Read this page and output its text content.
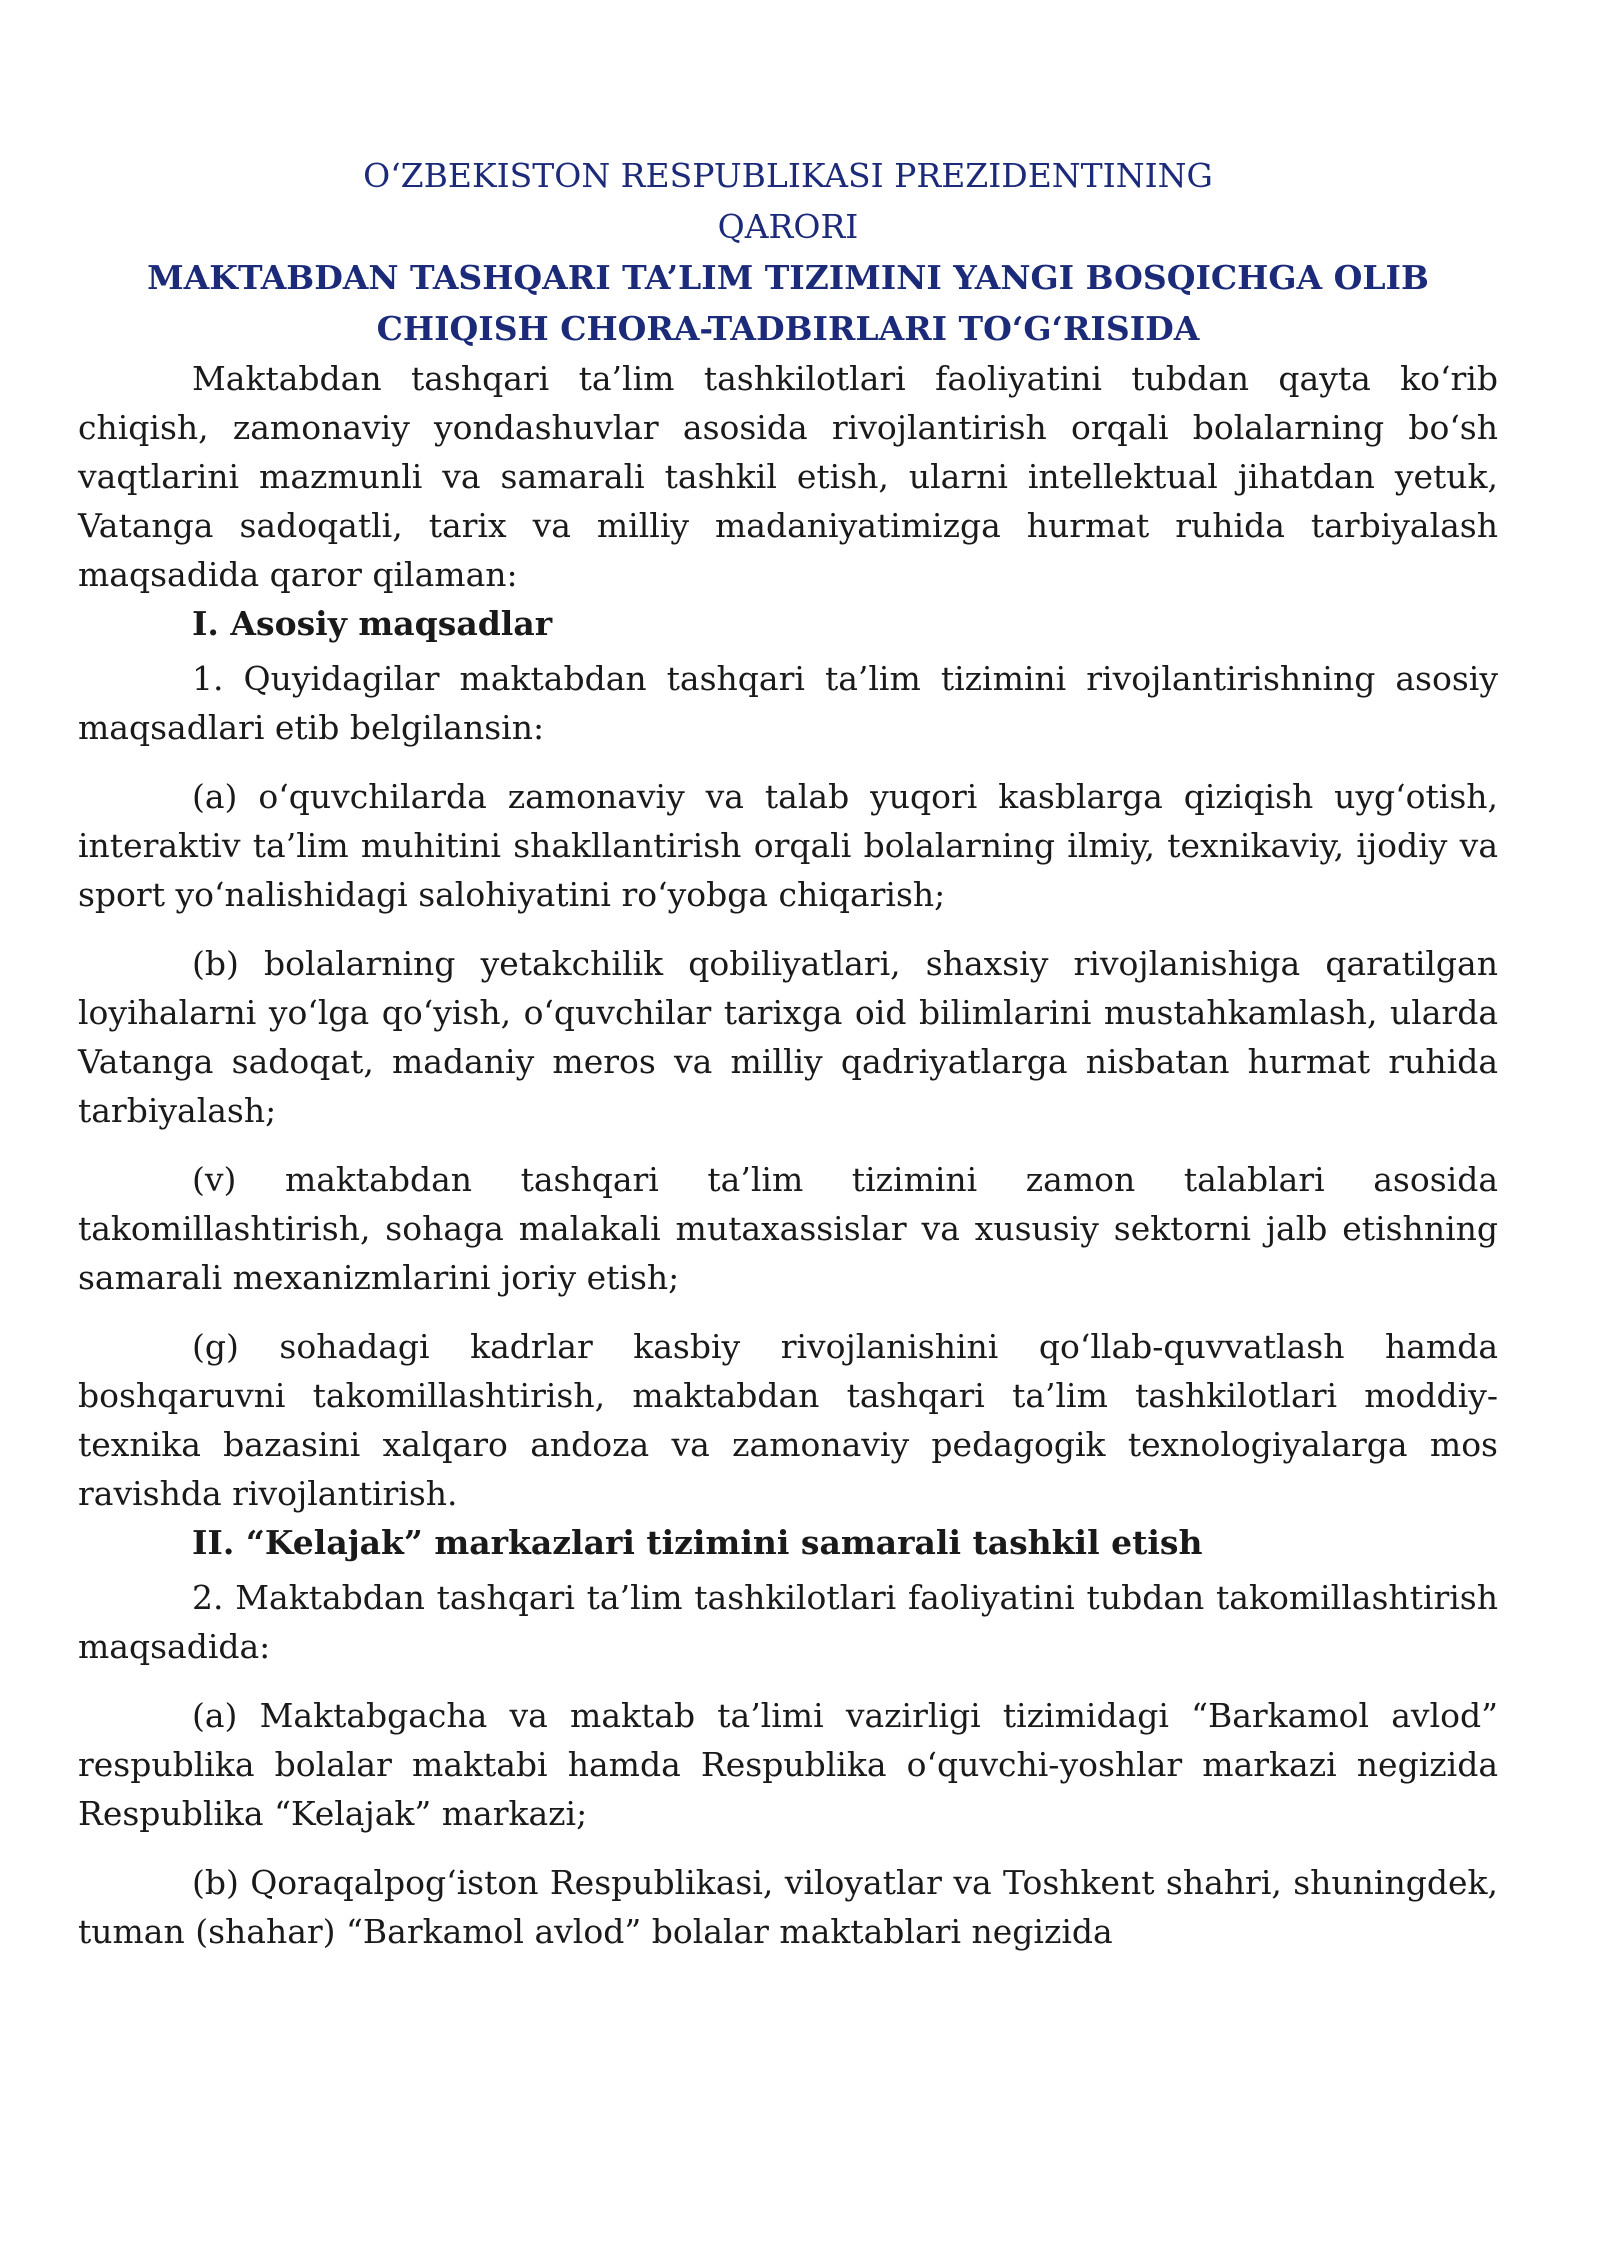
O‘ZBEKISTON RESPUBLIKASI PREZIDENTINING
QARORI
MAKTABDAN TASHQARI TA’LIM TIZIMINI YANGI BOSQICHGA OLIB
CHIQISH CHORA-TADBIRLARI TO‘G‘RISIDA

Maktabdan tashqari ta’lim tashkilotlari faoliyatini tubdan qayta ko‘rib chiqish, zamonaviy yondashuvlar asosida rivojlantirish orqali bolalarning bo‘sh vaqtlarini mazmunli va samarali tashkil etish, ularni intellektual jihatdan yetuk, Vatanga sadoqatli, tarix va milliy madaniyatimizga hurmat ruhida tarbiyalash maqsadida qaror qilaman:

I. Asosiy maqsadlar

1. Quyidagilar maktabdan tashqari ta’lim tizimini rivojlantirishning asosiy maqsadlari etib belgilansin:

(a) o‘quvchilarda zamonaviy va talab yuqori kasblarga qiziqish uyg‘otish, interaktiv ta’lim muhitini shakllantirish orqali bolalarning ilmiy, texnikaviy, ijodiy va sport yo‘nalishidagi salohiyatini ro‘yobga chiqarish;

(b) bolalarning yetakchilik qobiliyatlari, shaxsiy rivojlanishiga qaratilgan loyihalarni yo‘lga qo‘yish, o‘quvchilar tarixga oid bilimlarini mustahkamlash, ularda Vatanga sadoqat, madaniy meros va milliy qadriyatlarga nisbatan hurmat ruhida tarbiyalash;

(v) maktabdan tashqari ta’lim tizimini zamon talablari asosida takomillashtirish, sohaga malakali mutaxassislar va xususiy sektorni jalb etishning samarali mexanizmlarini joriy etish;

(g) sohadagi kadrlar kasbiy rivojlanishini qo‘llab-quvvatlash hamda boshqaruvni takomillashtirish, maktabdan tashqari ta’lim tashkilotlari moddiy-texnika bazasini xalqaro andoza va zamonaviy pedagogik texnologiyalarga mos ravishda rivojlantirish.

II. “Kelajak” markazlari tizimini samarali tashkil etish

2. Maktabdan tashqari ta’lim tashkilotlari faoliyatini tubdan takomillashtirish maqsadida:

(a) Maktabgacha va maktab ta’limi vazirligi tizimidagi “Barkamol avlod” respublika bolalar maktabi hamda Respublika o‘quvchi-yoshlar markazi negizida Respublika “Kelajak” markazi;

(b) Qoraqalpog‘iston Respublikasi, viloyatlar va Toshkent shahri, shuningdek, tuman (shahar) “Barkamol avlod” bolalar maktablari negizida
